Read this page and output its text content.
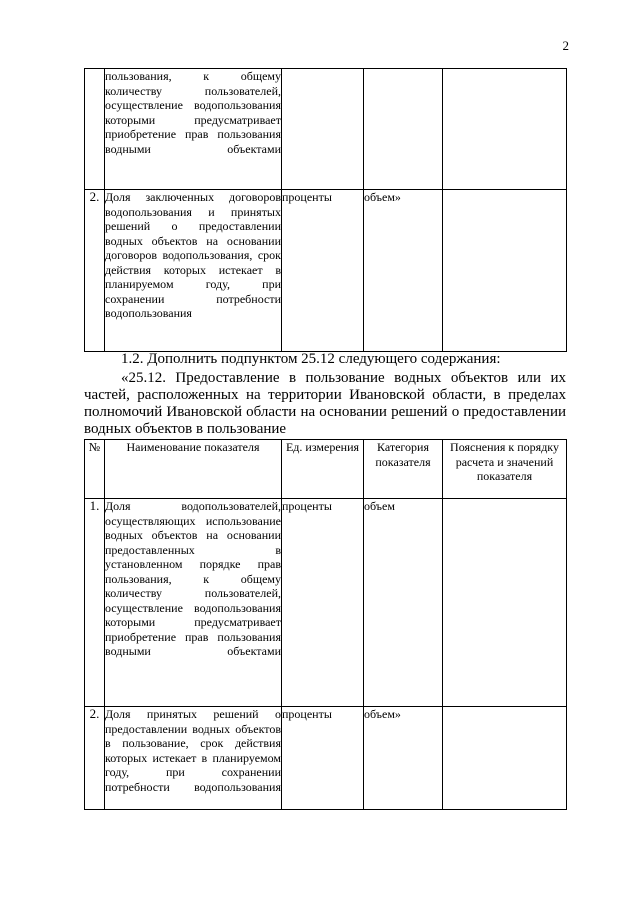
2

	пользования, к общему количеству пользователей, осуществление водопользования которыми предусматривает приобретение прав пользования водными объектами			

2.	Доля заключенных договоров водопользования и принятых решений о предоставлении водных объектов на основании договоров водопользования, срок действия которых истекает в планируемом году, при сохранении потребности водопользования	проценты	объем»	
1.2. Дополнить подпунктом 25.12 следующего содержания:
«25.12. Предоставление в пользование водных объектов или их частей, расположенных на территории Ивановской области, в пределах полномочий Ивановской области на основании решений о предоставлении водных объектов в пользование
№	Наименование показателя	Ед. измерения	Категория показателя	Пояснения к порядку расчета и значений показателя
1.	Доля водопользователей, осуществляющих использование водных объектов на основании предоставленных в установленном порядке прав пользования, к общему количеству пользователей, осуществление водопользования которыми предусматривает приобретение прав пользования водными объектами	проценты	объем	
2.	Доля принятых решений о предоставлении водных объектов в пользование, срок действия которых истекает в планируемом году, при сохранении потребности водопользования	проценты	объем»	
